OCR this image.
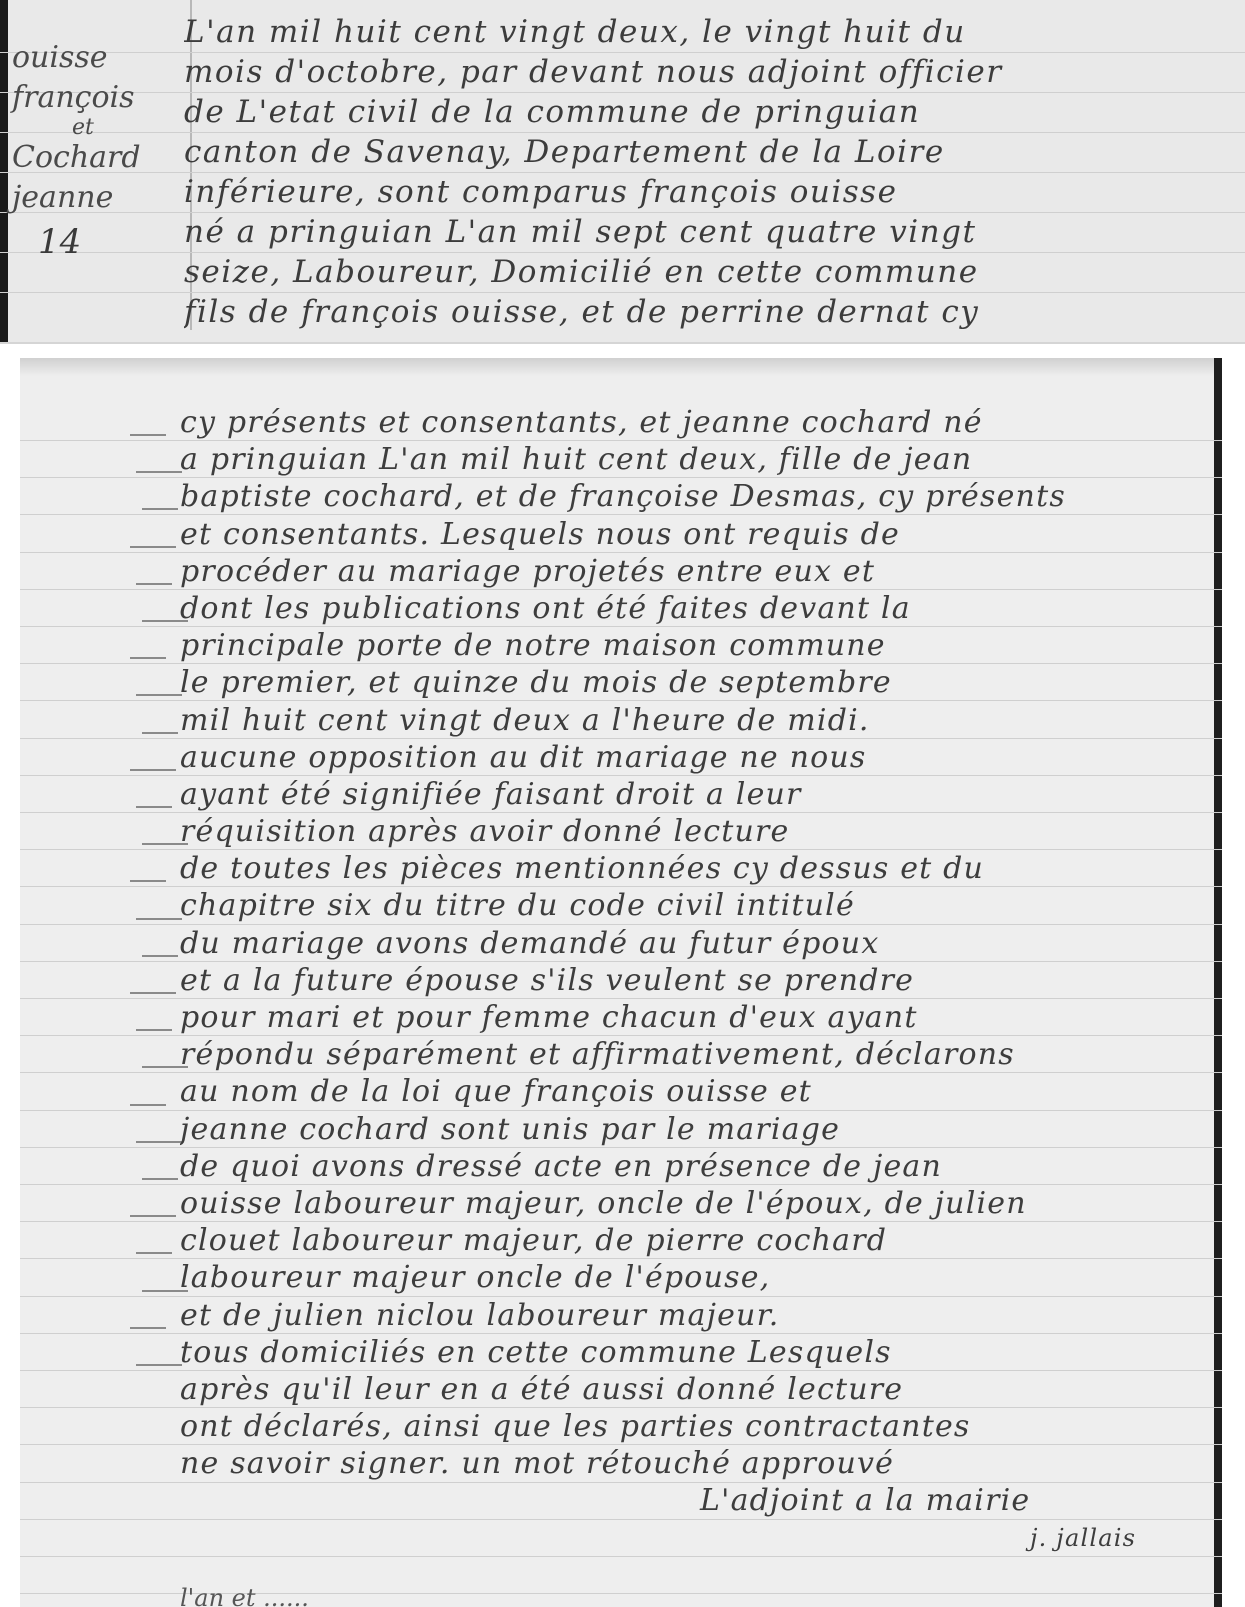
ouisse
françois
et
Cochard
jeanne
14
L'an mil huit cent vingt deux, le vingt huit du
mois d'octobre, par devant nous adjoint officier
de L'etat civil de la commune de pringuian
canton de Savenay, Departement de la Loire
inférieure, sont comparus françois ouisse
né a pringuian L'an mil sept cent quatre vingt
seize, Laboureur, Domicilié en cette commune
fils de françois ouisse, et de perrine dernat cy
cy présents et consentants, et jeanne cochard né
a pringuian L'an mil huit cent deux, fille de jean
baptiste cochard, et de françoise Desmas, cy présents
et consentants. Lesquels nous ont requis de
procéder au mariage projetés entre eux et
dont les publications ont été faites devant la
principale porte de notre maison commune
le premier, et quinze du mois de septembre
mil huit cent vingt deux a l'heure de midi.
aucune opposition au dit mariage ne nous
ayant été signifiée faisant droit a leur
réquisition après avoir donné lecture
de toutes les pièces mentionnées cy dessus et du
chapitre six du titre du code civil intitulé
du mariage avons demandé au futur époux
et a la future épouse s'ils veulent se prendre
pour mari et pour femme chacun d'eux ayant
répondu séparément et affirmativement, déclarons
au nom de la loi que françois ouisse et
jeanne cochard sont unis par le mariage
de quoi avons dressé acte en présence de jean
ouisse laboureur majeur, oncle de l'époux, de julien
clouet laboureur majeur, de pierre cochard
laboureur majeur oncle de l'épouse,
et de julien niclou laboureur majeur.
tous domiciliés en cette commune Lesquels
après qu'il leur en a été aussi donné lecture
ont déclarés, ainsi que les parties contractantes
ne savoir signer. un mot rétouché approuvé
L'adjoint a la mairie
j. jallais
l'an et ......
